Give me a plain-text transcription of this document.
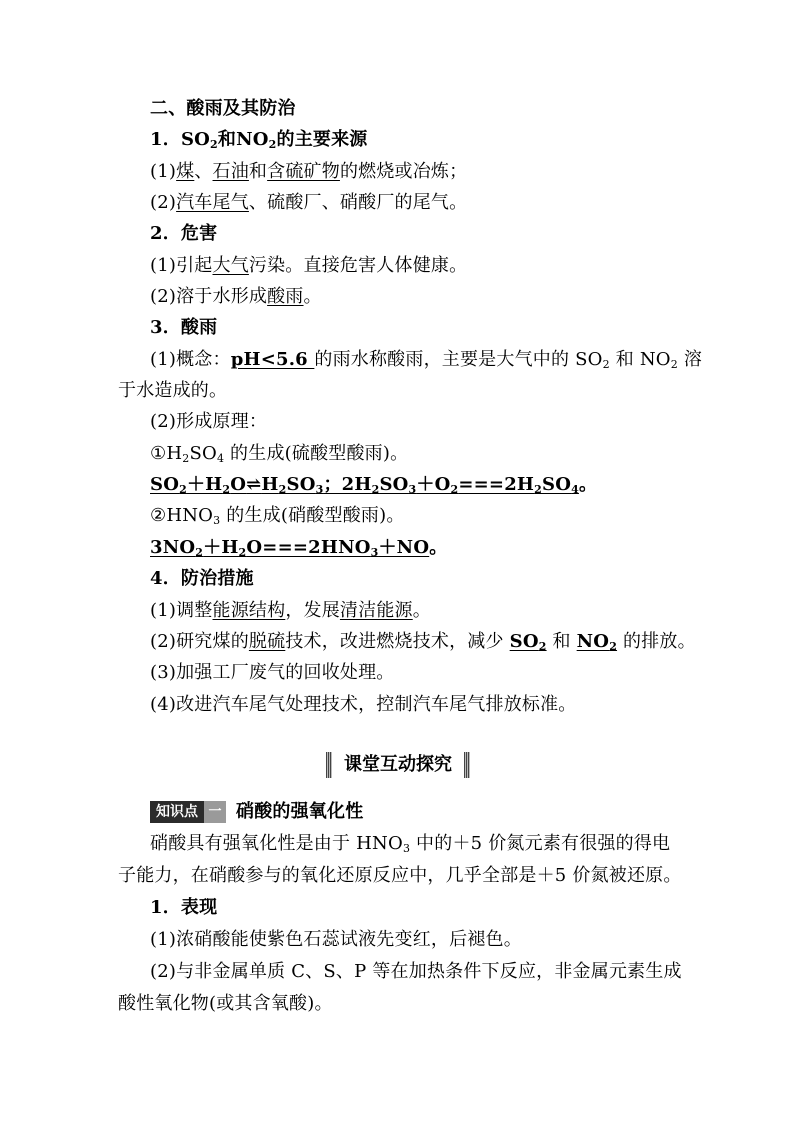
二、酸雨及其防治
1．$SO_2$和$NO_2$的主要来源
(1)煤、石油和含硫矿物的燃烧或冶炼；
(2)汽车尾气、硫酸厂、硝酸厂的尾气。
2．危害
(1)引起大气污染。直接危害人体健康。
(2)溶于水形成酸雨。
3．酸雨
(1)概念：pH<5.6 的雨水称酸雨，主要是大气中的 $SO_2$ 和 $NO_2$ 溶
于水造成的。
(2)形成原理：
$①H_2SO_4$ 的生成(硫酸型酸雨)。
$SO_2+H_2O\rightleftharpoons H_2SO_3$；$2H_2SO_3+O_2===2H_2SO_4$。
$②HNO_3$ 的生成(硝酸型酸雨)。
$3NO_2+H_2O===2HNO_3+NO$。
4．防治措施
(1)调整能源结构，发展清洁能源。
(2)研究煤的脱硫技术，改进燃烧技术，减少 $SO_2$ 和 $NO_2$ 的排放。
(3)加强工厂废气的回收处理。
(4)改进汽车尾气处理技术，控制汽车尾气排放标准。
课堂互动探究
知识点 一 硝酸的强氧化性
硝酸具有强氧化性是由于 $HNO_3$ 中的＋5 价氮元素有很强的得电
子能力，在硝酸参与的氧化还原反应中，几乎全部是＋5 价氮被还原。
1．表现
(1)浓硝酸能使紫色石蕊试液先变红，后褪色。
(2)与非金属单质 C、S、P 等在加热条件下反应，非金属元素生成
酸性氧化物(或其含氧酸)。
